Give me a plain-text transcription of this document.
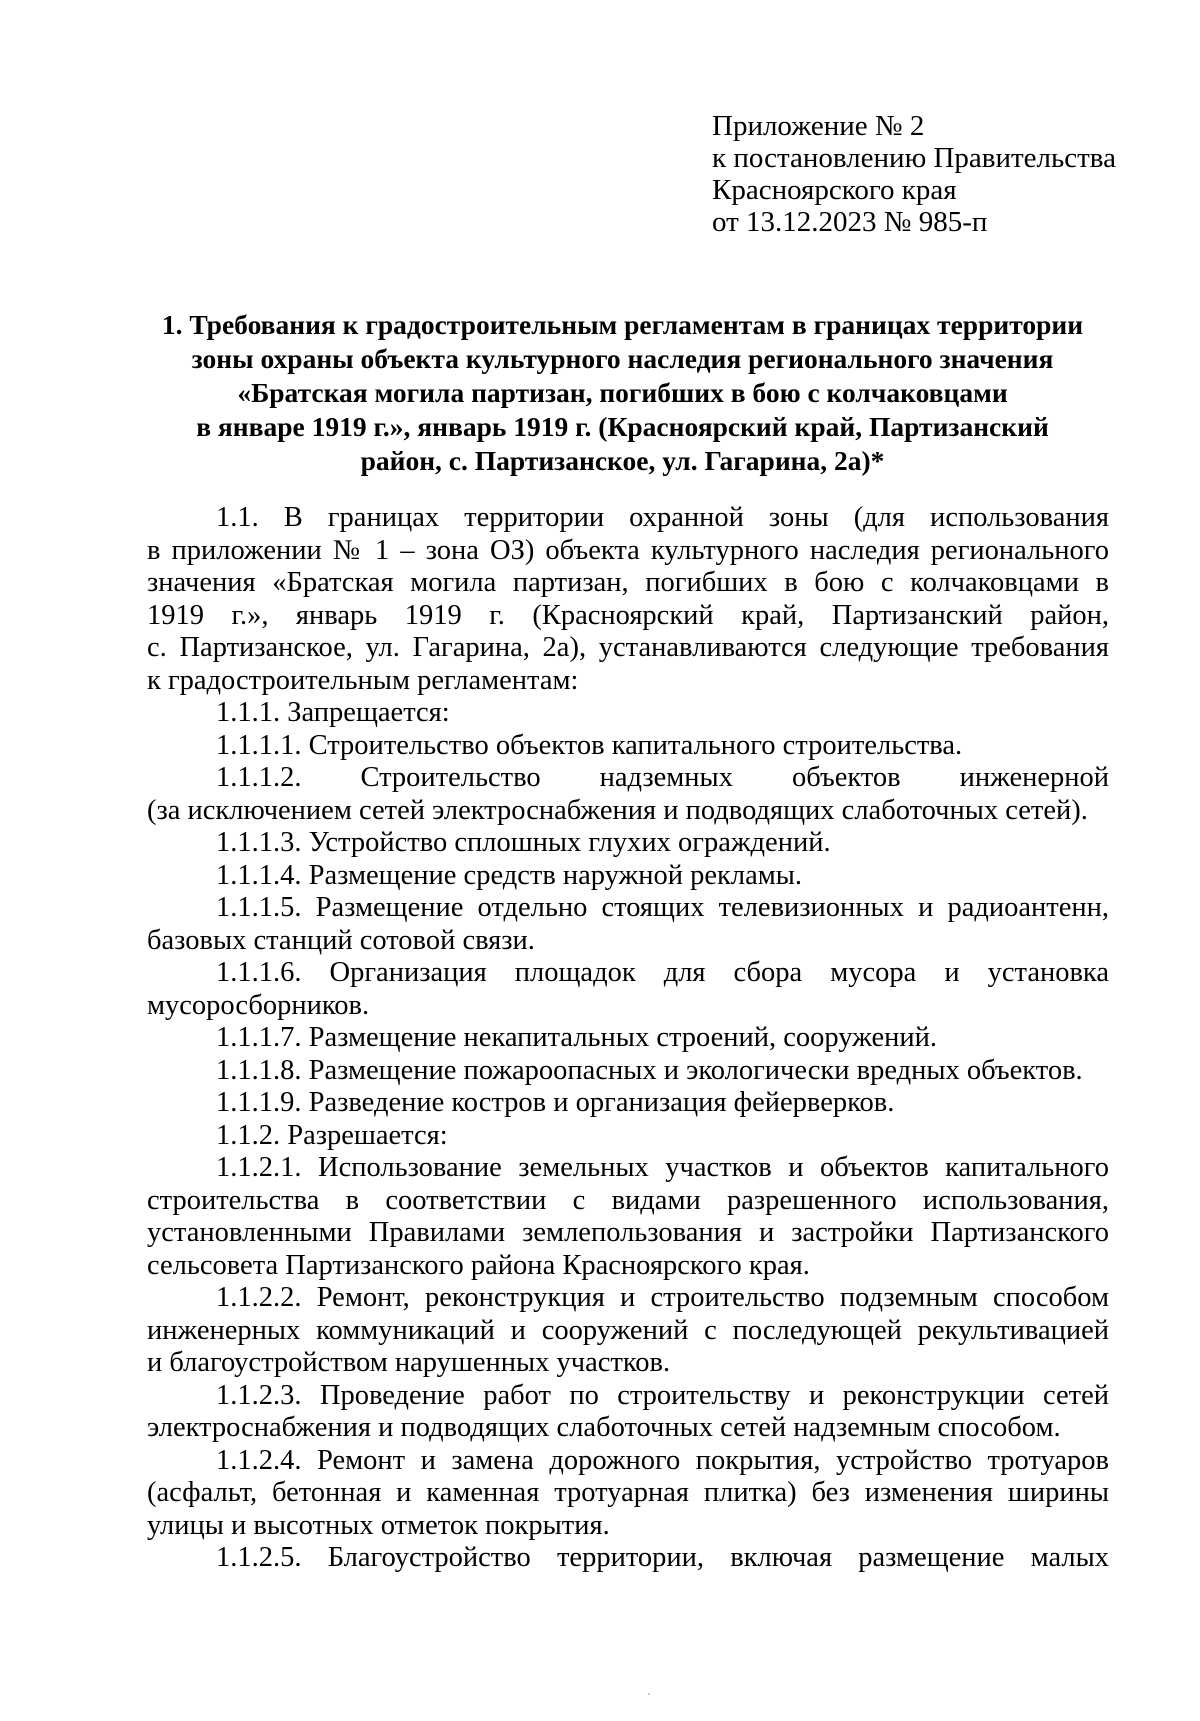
Приложение № 2
к постановлению Правительства
Красноярского края
от 13.12.2023 № 985-п
1. Требования к градостроительным регламентам в границах территории
зоны охраны объекта культурного наследия регионального значения
«Братская могила партизан, погибших в бою с колчаковцами
в январе 1919 г.», январь 1919 г. (Красноярский край, Партизанский
район, с. Партизанское, ул. Гагарина, 2а)*
1.1. В границах территории охранной зоны (для использования
в приложении № 1 – зона ОЗ) объекта культурного наследия регионального
значения «Братская могила партизан, погибших в бою с колчаковцами в
1919 г.», январь 1919 г. (Красноярский край, Партизанский район,
с. Партизанское, ул. Гагарина, 2а), устанавливаются следующие требования
к градостроительным регламентам:
1.1.1. Запрещается:
1.1.1.1. Строительство объектов капитального строительства.
1.1.1.2. Строительство надземных объектов инженерной
(за исключением сетей электроснабжения и подводящих слаботочных сетей).
1.1.1.3. Устройство сплошных глухих ограждений.
1.1.1.4. Размещение средств наружной рекламы.
1.1.1.5. Размещение отдельно стоящих телевизионных и радиоантенн,
базовых станций сотовой связи.
1.1.1.6. Организация площадок для сбора мусора и установка
мусоросборников.
1.1.1.7. Размещение некапитальных строений, сооружений.
1.1.1.8. Размещение пожароопасных и экологически вредных объектов.
1.1.1.9. Разведение костров и организация фейерверков.
1.1.2. Разрешается:
1.1.2.1. Использование земельных участков и объектов капитального
строительства в соответствии с видами разрешенного использования,
установленными Правилами землепользования и застройки Партизанского
сельсовета Партизанского района Красноярского края.
1.1.2.2. Ремонт, реконструкция и строительство подземным способом
инженерных коммуникаций и сооружений с последующей рекультивацией
и благоустройством нарушенных участков.
1.1.2.3. Проведение работ по строительству и реконструкции сетей
электроснабжения и подводящих слаботочных сетей надземным способом.
1.1.2.4. Ремонт и замена дорожного покрытия, устройство тротуаров
(асфальт, бетонная и каменная тротуарная плитка) без изменения ширины
улицы и высотных отметок покрытия.
1.1.2.5. Благоустройство территории, включая размещение малых
